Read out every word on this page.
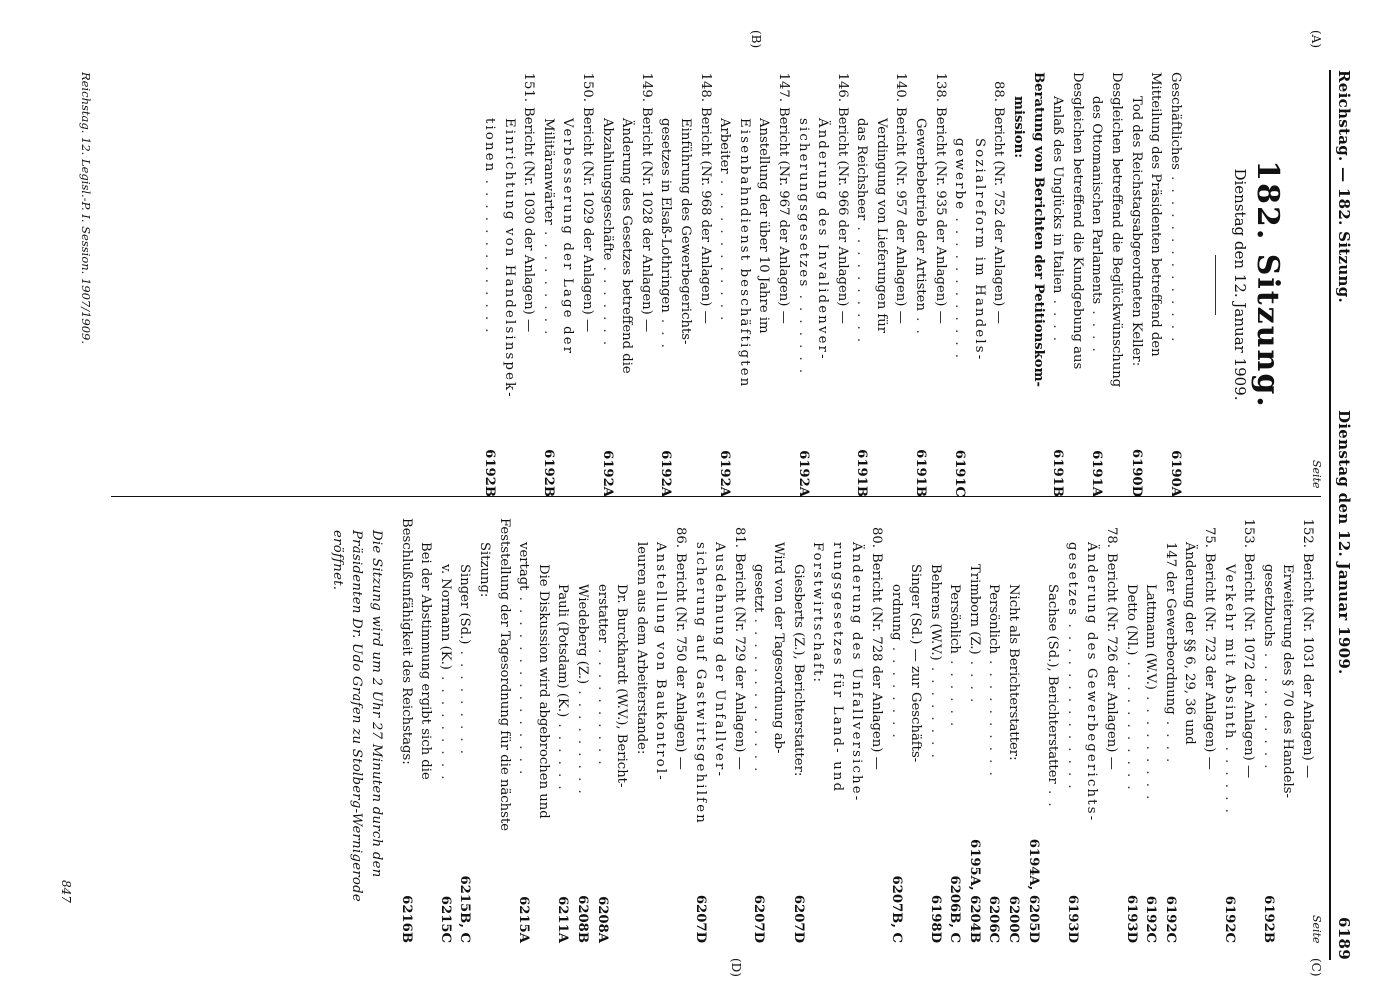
Reichstag. — 182. Sitzung.
Dienstag den 12. Januar 1909.
6189
(A)
(B)
(C)
(D)
Seite
Seite
182. Sitzung.
Dienstag den 12. Januar 1909.
Geschäftliches . . . . . . . . . . . . . .
6190A
Mitteilung des Präsidenten betreffend den
Tod des Reichstagsabgeordneten Keller:
6190D
Desgleichen betreffend die Beglückwünschung
des Ottomanischen Parlaments . . . .
6191A
Desgleichen betreffend die Kundgebung aus
Anlaß des Unglücks in Italien . . . .
6191B
Beratung von Berichten der Petitionskom-
mission:
88.Bericht (Nr. 752 der Anlagen) —
Sozialreform im Handels-
gewerbe . . . . . . . . . . . .
6191C
138.Bericht (Nr. 935 der Anlagen) —
Gewerbebetrieb der Artisten . .
6191B
140.Bericht (Nr. 957 der Anlagen) —
Verdingung von Lieferungen für
das Reichsheer . . . . . . . . . .
6191B
146.Bericht (Nr. 966 der Anlagen) —
Änderung des Invalidenver-
sicherungsgesetzes . . . . . . .
6192A
147.Bericht (Nr. 967 der Anlagen) —
Anstellung der über 10 Jahre im
Eisenbahndienst beschäftigten
Arbeiter . . . . . . . . . . . .
6192A
148.Bericht (Nr. 968 der Anlagen) —
Einführung des Gewerbegerichts-
gesetzes in Elsaß-Lothringen . . .
6192A
149.Bericht (Nr. 1028 der Anlagen) —
Änderung des Gesetzes betreffend die
Abzahlungsgeschäfte . . . . . . .
6192A
150.Bericht (Nr. 1029 der Anlagen) —
Verbesserung der Lage der
Militäranwärter . . . . . . . . .
6192B
151.Bericht (Nr. 1030 der Anlagen) —
Einrichtung von Handelsinspek-
tionen . . . . . . . . . . . . .
6192B
152.Bericht (Nr. 1031 der Anlagen) —
Erweiterung des § 70 des Handels-
gesetzbuchs . . . . . . . . . .
6192B
153.Bericht (Nr. 1072 der Anlagen) —
Verkehr mit Absinth . . . . . .
6192C
75.Bericht (Nr. 723 der Anlagen) —
Änderung der §§ 6, 29, 36 und
147 der Gewerbeordnung . . . .
6192C
Lattmann (W.V.) . . . . . . . . .
6192C
Detto (Nl.) . . . . . . . . . . .
6193D
78.Bericht (Nr. 726 der Anlagen) —
Änderung des Gewerbegerichts-
gesetzes . . . . . . . . . . . . . .
6193D
Sachse (Sd.), Berichterstatter . .
6194A, 6205D
Nicht als Berichterstatter:
6200C
Persönlich . . . . . . . . . .
6206C
Trimborn (Z.) . . . .
6195A, 6204B
Persönlich . . . . . .
6206B, C
Behrens (W.V.) . . . . . . . .
6198D
Singer (Sd.) — zur Geschäfts-
ordnung . . . . . . . .
6207B, C
80.Bericht (Nr. 728 der Anlagen) —
Änderung des Unfallversiche-
rungsgesetzes für Land- und
Forstwirtschaft:
Giesberts (Z.), Berichterstatter:
6207D
Wird von der Tagesordnung ab-
gesetzt . . . . . . . . . . . . .
6207D
81.Bericht (Nr. 729 der Anlagen) —
Ausdehnung der Unfallver-
sicherung auf Gastwirtsgehilfen
6207D
86.Bericht (Nr. 750 der Anlagen) —
Anstellung von Baukontrol-
leuren aus dem Arbeiterstande:
Dr. Burckhardt (W.V.), Bericht-
erstatter . . . . . . . . . .
6208A
Wiedeberg (Z.) . . . . . . . . .
6208B
Pauli (Potsdam) (K.) . . . . . .
6211A
Die Diskussion wird abgebrochen und
vertagt . . . . . . . . . . . . . . .
6215A
Feststellung der Tagesordnung für die nächste
Sitzung:
Singer (Sd.) . . . . . . . . .
6215B, C
v. Normann (K.) . . . . . . . . .
6215C
Bei der Abstimmung ergibt sich die
Beschlußunfähigkeit des Reichstags:
6216B
Die Sitzung wird um 2 Uhr 27 Minuten durch den Präsidenten Dr. Udo Grafen zu Stolberg-Wernigerode eröffnet.
Reichstag. 12. Legisl.-P. I. Session. 1907/1909.
847
